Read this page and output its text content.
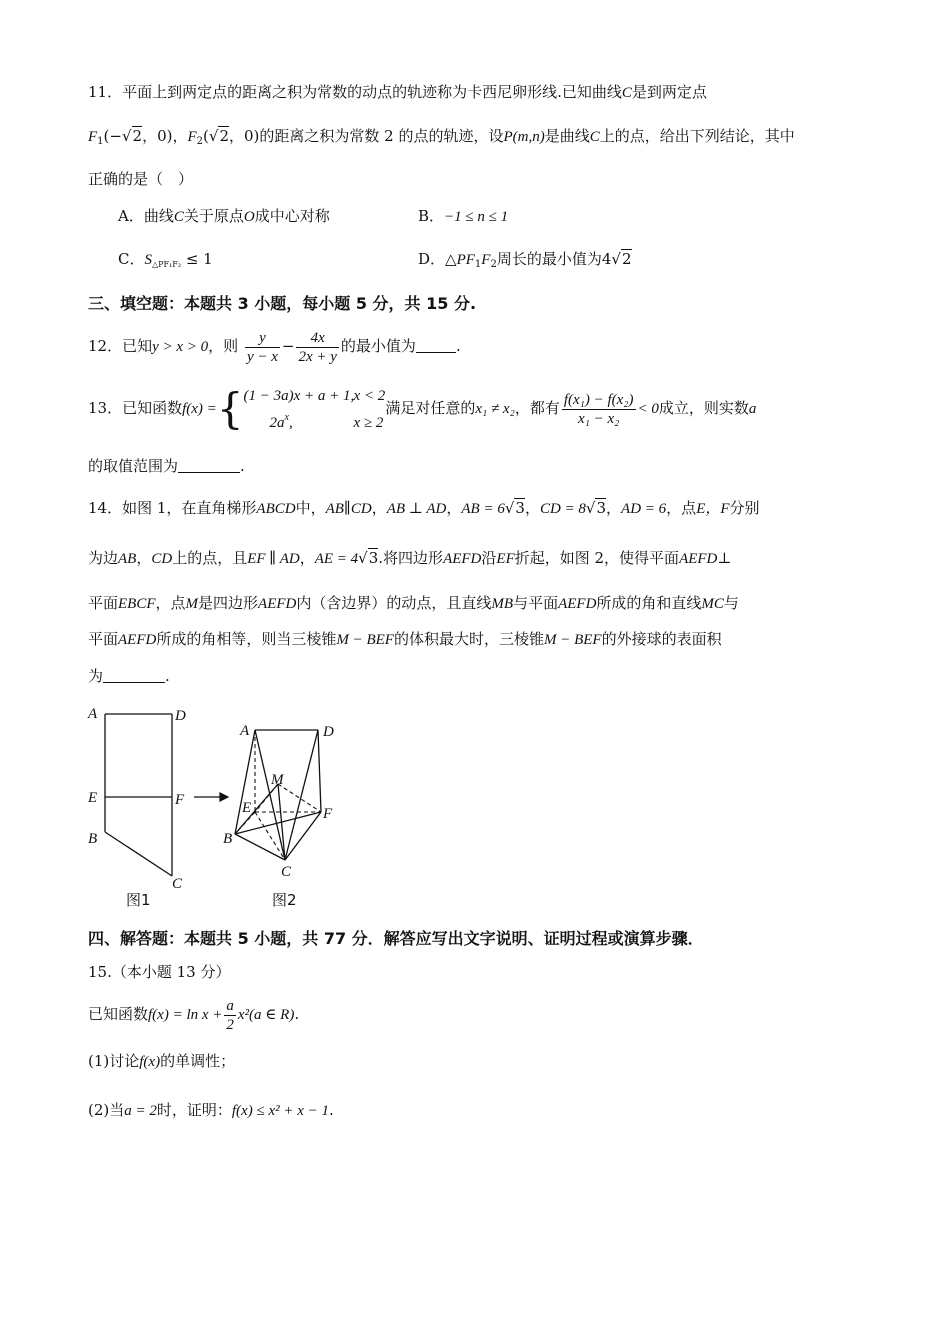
11．平面上到两定点的距离之积为常数的动点的轨迹称为卡西尼卵形线.已知曲线C是到两定点
$F_1(-√2$，0)，$F_2(√2$，0)的距离之积为常数 2 的点的轨迹，设P(m,n)是曲线C上的点，给出下列结论，其中
正确的是（　）
A．曲线C关于原点O成中心对称	B．−1 ≤ n ≤ 1
C．$S_{\triangle PF_1F_2} \le 1$	D．$\triangle PF_1F_2$周长的最小值为4√2
三、填空题：本题共 3 小题，每小题 5 分，共 15 分.
12．已知y > x > 0，则 $\frac{y}{y - x} - \frac{4x}{2x + y}$ 的最小值为	.
13．已知函数f(x) ={ (1 − 3a)x + a + 1,x < 2
2ax,	x ≥ 2
满足对任意的x₁ ≠ x₂，都有 $\frac{\text{f(x₁) − f(x₂)}}{\text{x₁ − x₂}} < 0$成立，则实数a
的取值范围为	.
14．如图 1，在直角梯形ABCD中，AB∥CD，AB ⊥ AD，AB = 6√3，CD = 8√3，AD = 6，点E，F分别
为边AB，CD上的点，且EF ∥ AD，AE = 4√3.将四边形AEFD沿EF折起，如图 2，使得平面AEFD⊥
平面EBCF，点M是四边形AEFD内（含边界）的动点，且直线MB与平面AEFD所成的角和直线MC与
平面AEFD所成的角相等，则当三棱锥M − BEF的体积最大时，三棱锥M − BEF的外接球的表面积
为	.
A	D
E	F
B
C
A	D
M
E	F
B
C
图1	图2
四、解答题：本题共 5 小题，共 77 分．解答应写出文字说明、证明过程或演算步骤．
15.（本小题 13 分）
已知函数$f(x) = \ln x + \frac{a}{2} x^2(a$ ∈ R).
(1)讨论f(x)的单调性；
(2)当a = 2时，证明：f(x) ≤ x² + x − 1.
